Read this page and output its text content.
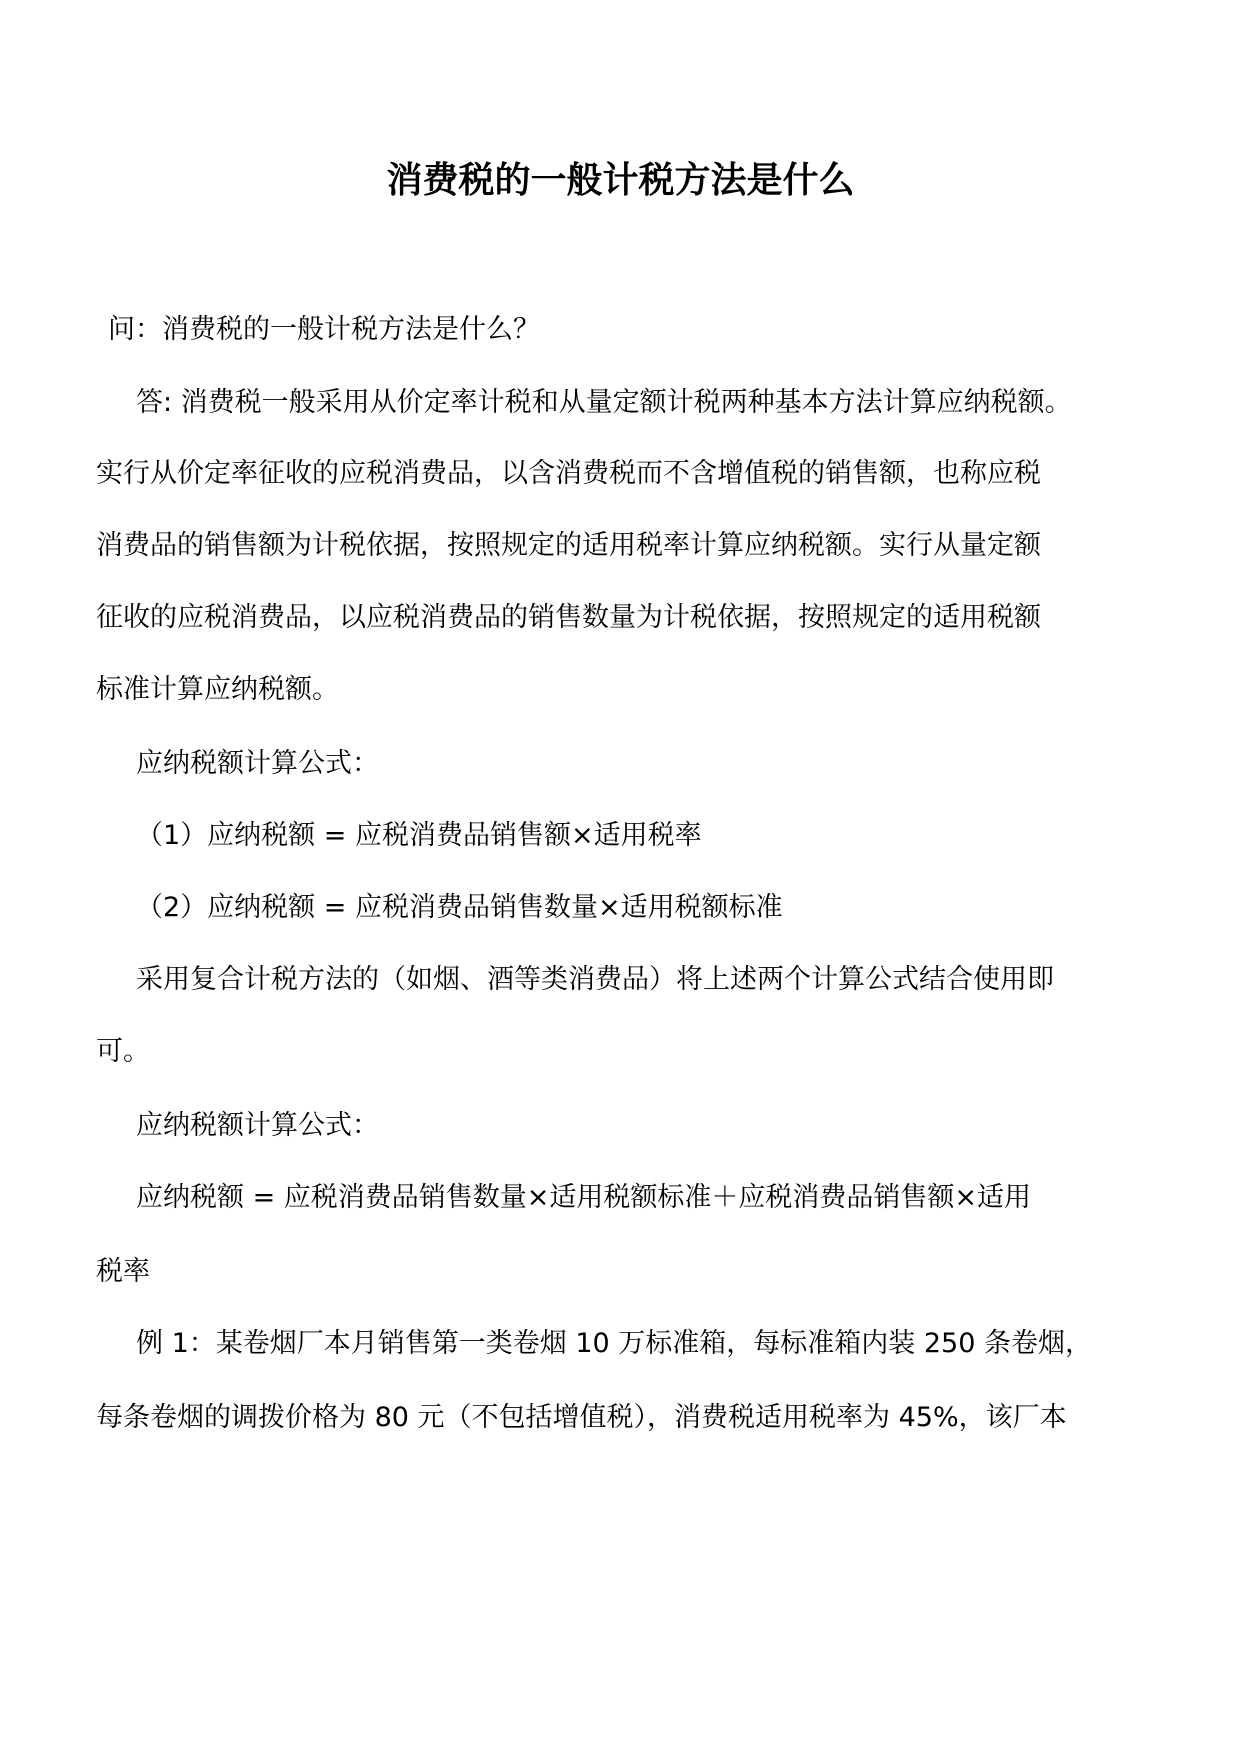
消费税的一般计税方法是什么
问：消费税的一般计税方法是什么？
答: 消费税一般采用从价定率计税和从量定额计税两种基本方法计算应纳税额。
实行从价定率征收的应税消费品，以含消费税而不含增值税的销售额，也称应税
消费品的销售额为计税依据，按照规定的适用税率计算应纳税额。实行从量定额
征收的应税消费品，以应税消费品的销售数量为计税依据，按照规定的适用税额
标准计算应纳税额。
应纳税额计算公式：
（1）应纳税额 = 应税消费品销售额×适用税率
（2）应纳税额 = 应税消费品销售数量×适用税额标准
采用复合计税方法的（如烟、酒等类消费品）将上述两个计算公式结合使用即
可。
应纳税额计算公式：
应纳税额 = 应税消费品销售数量×适用税额标准＋应税消费品销售额×适用
税率
例 1：某卷烟厂本月销售第一类卷烟 10 万标准箱，每标准箱内装 250 条卷烟，
每条卷烟的调拨价格为 80 元（不包括增值税），消费税适用税率为 45%，该厂本
